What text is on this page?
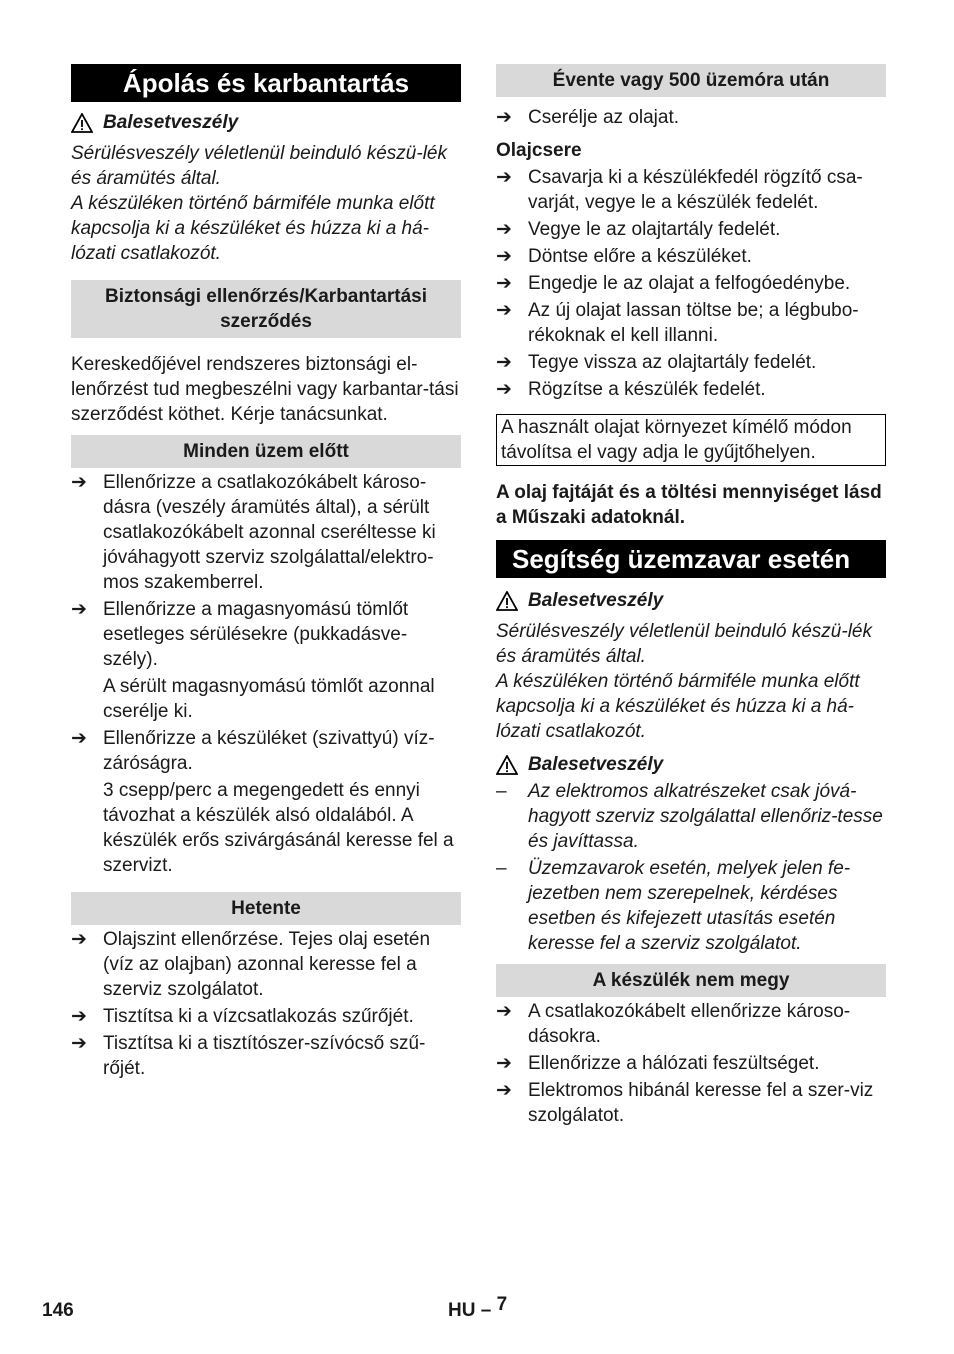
Ápolás és karbantartás
Balesetveszély

Sérülésveszély véletlenül beinduló készü-lék és áramütés által.

A készüléken történő bármiféle munka előtt kapcsolja ki a készüléket és húzza ki a há-lózati csatlakozót.

Biztonsági ellenőrzés/Karbantartási szerződés

Kereskedőjével rendszeres biztonsági el-lenőrzést tud megbeszélni vagy karbantar-tási szerződést köthet. Kérje tanácsunkat.

Minden üzem előtt
➔ Ellenőrizze a csatlakozókábelt károso-dásra (veszély áramütés által), a sérült csatlakozókábelt azonnal cseréltesse ki jóváhagyott szerviz szolgálattal/elektro-mos szakemberrel.
➔ Ellenőrizze a magasnyomású tömlőt esetleges sérülésekre (pukkadásve-szély).

A sérült magasnyomású tömlőt azonnal cserélje ki.

➔ Ellenőrizze a készüléket (szivattyú) víz-záróságra.

3 csepp/perc a megengedett és ennyi távozhat a készülék alsó oldalából. A készülék erős szivárgásánál keresse fel a szervizt.

Hetente
➔ Olajszint ellenőrzése. Tejes olaj esetén (víz az olajban) azonnal keresse fel a szerviz szolgálatot.
➔ Tisztítsa ki a vízcsatlakozás szűrőjét.
➔ Tisztítsa ki a tisztítószer-szívócső szű-rőjét.
Évente vagy 500 üzemóra után
➔ Cserélje az olajat.

Olajcsere

➔ Csavarja ki a készülékfedél rögzítő csa-varját, vegye le a készülék fedelét.
➔ Vegye le az olajtartály fedelét.
➔ Döntse előre a készüléket.
➔ Engedje le az olajat a felfogóedénybe.
➔ Az új olajat lassan töltse be; a légbubo-rékoknak el kell illanni.
➔ Tegye vissza az olajtartály fedelét.
➔ Rögzítse a készülék fedelét.

A használt olajat környezet kímélő módon távolítsa el vagy adja le gyűjtőhelyen.

A olaj fajtáját és a töltési mennyiséget lásd a Műszaki adatoknál.

Segítség üzemzavar esetén
Balesetveszély

Sérülésveszély véletlenül beinduló készü-lék és áramütés által.

A készüléken történő bármiféle munka előtt kapcsolja ki a készüléket és húzza ki a há-lózati csatlakozót.

Balesetveszély
–	Az elektromos alkatrészeket csak jóvá-hagyott szerviz szolgálattal ellenőriz-tesse és javíttassa.
–	Üzemzavarok esetén, melyek jelen fe-jezetben nem szerepelnek, kérdéses esetben és kifejezett utasítás esetén keresse fel a szerviz szolgálatot.
A készülék nem megy
➔ A csatlakozókábelt ellenőrizze károso-dásokra.
➔ Ellenőrizze a hálózati feszültséget.
➔ Elektromos hibánál keresse fel a szer-viz szolgálatot.
146	HU – 7
